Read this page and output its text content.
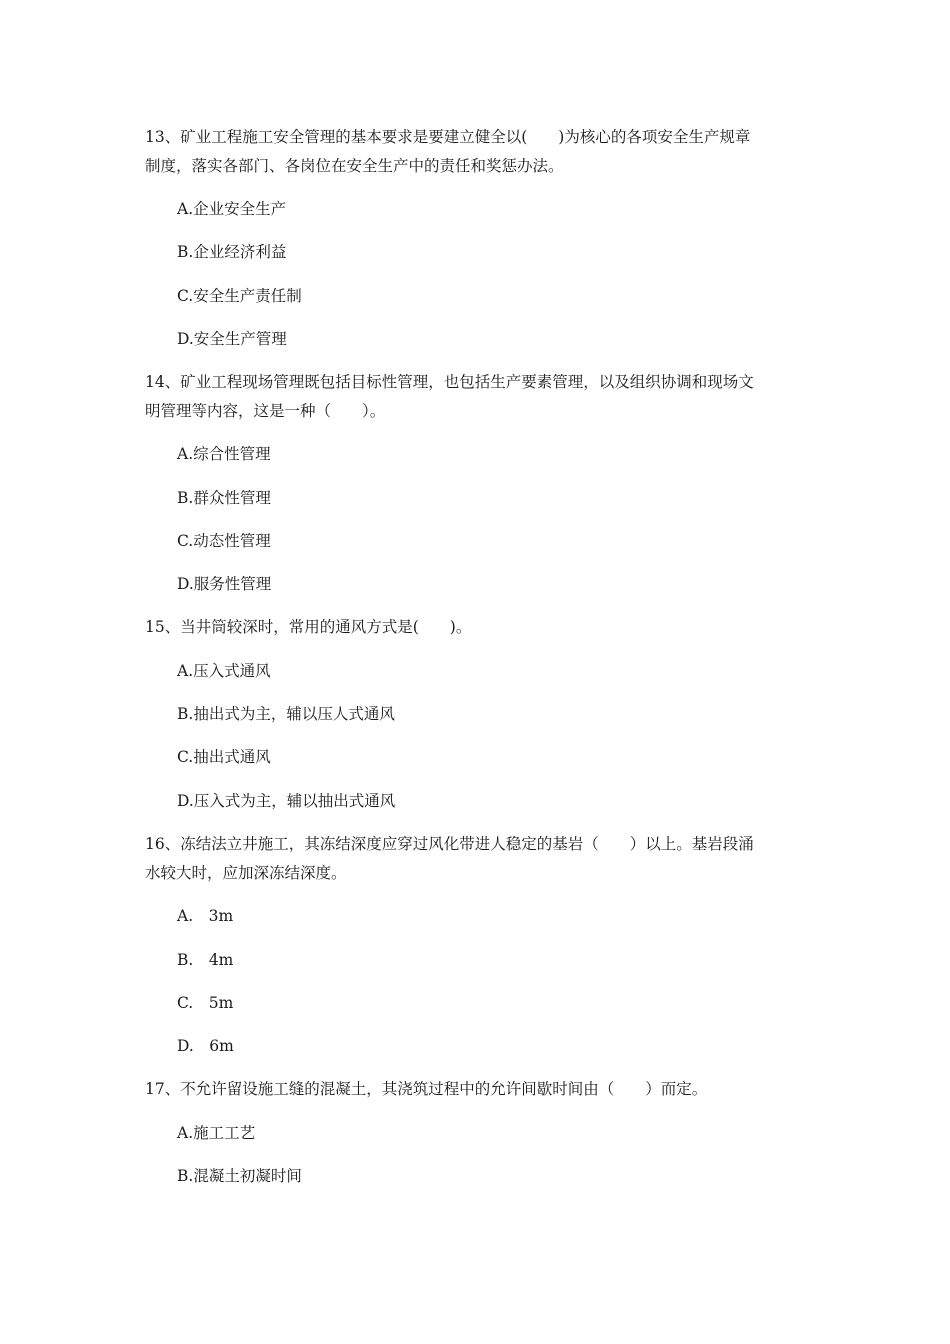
13、矿业工程施工安全管理的基本要求是要建立健全以(　　)为核心的各项安全生产规章
制度，落实各部门、各岗位在安全生产中的责任和奖惩办法。
A.企业安全生产
B.企业经济利益
C.安全生产责任制
D.安全生产管理
14、矿业工程现场管理既包括目标性管理，也包括生产要素管理，以及组织协调和现场文
明管理等内容，这是一种（　　）。
A.综合性管理
B.群众性管理
C.动态性管理
D.服务性管理
15、当井筒较深时，常用的通风方式是(　　)。
A.压入式通风
B.抽出式为主，辅以压人式通风
C.抽出式通风
D.压入式为主，辅以抽出式通风
16、冻结法立井施工，其冻结深度应穿过风化带进人稳定的基岩（　　）以上。基岩段涌
水较大时，应加深冻结深度。
A.　3m
B.　4m
C.　5m
D.　6m
17、不允许留设施工缝的混凝土，其浇筑过程中的允许间歇时间由（　　）而定。
A.施工工艺
B.混凝土初凝时间
